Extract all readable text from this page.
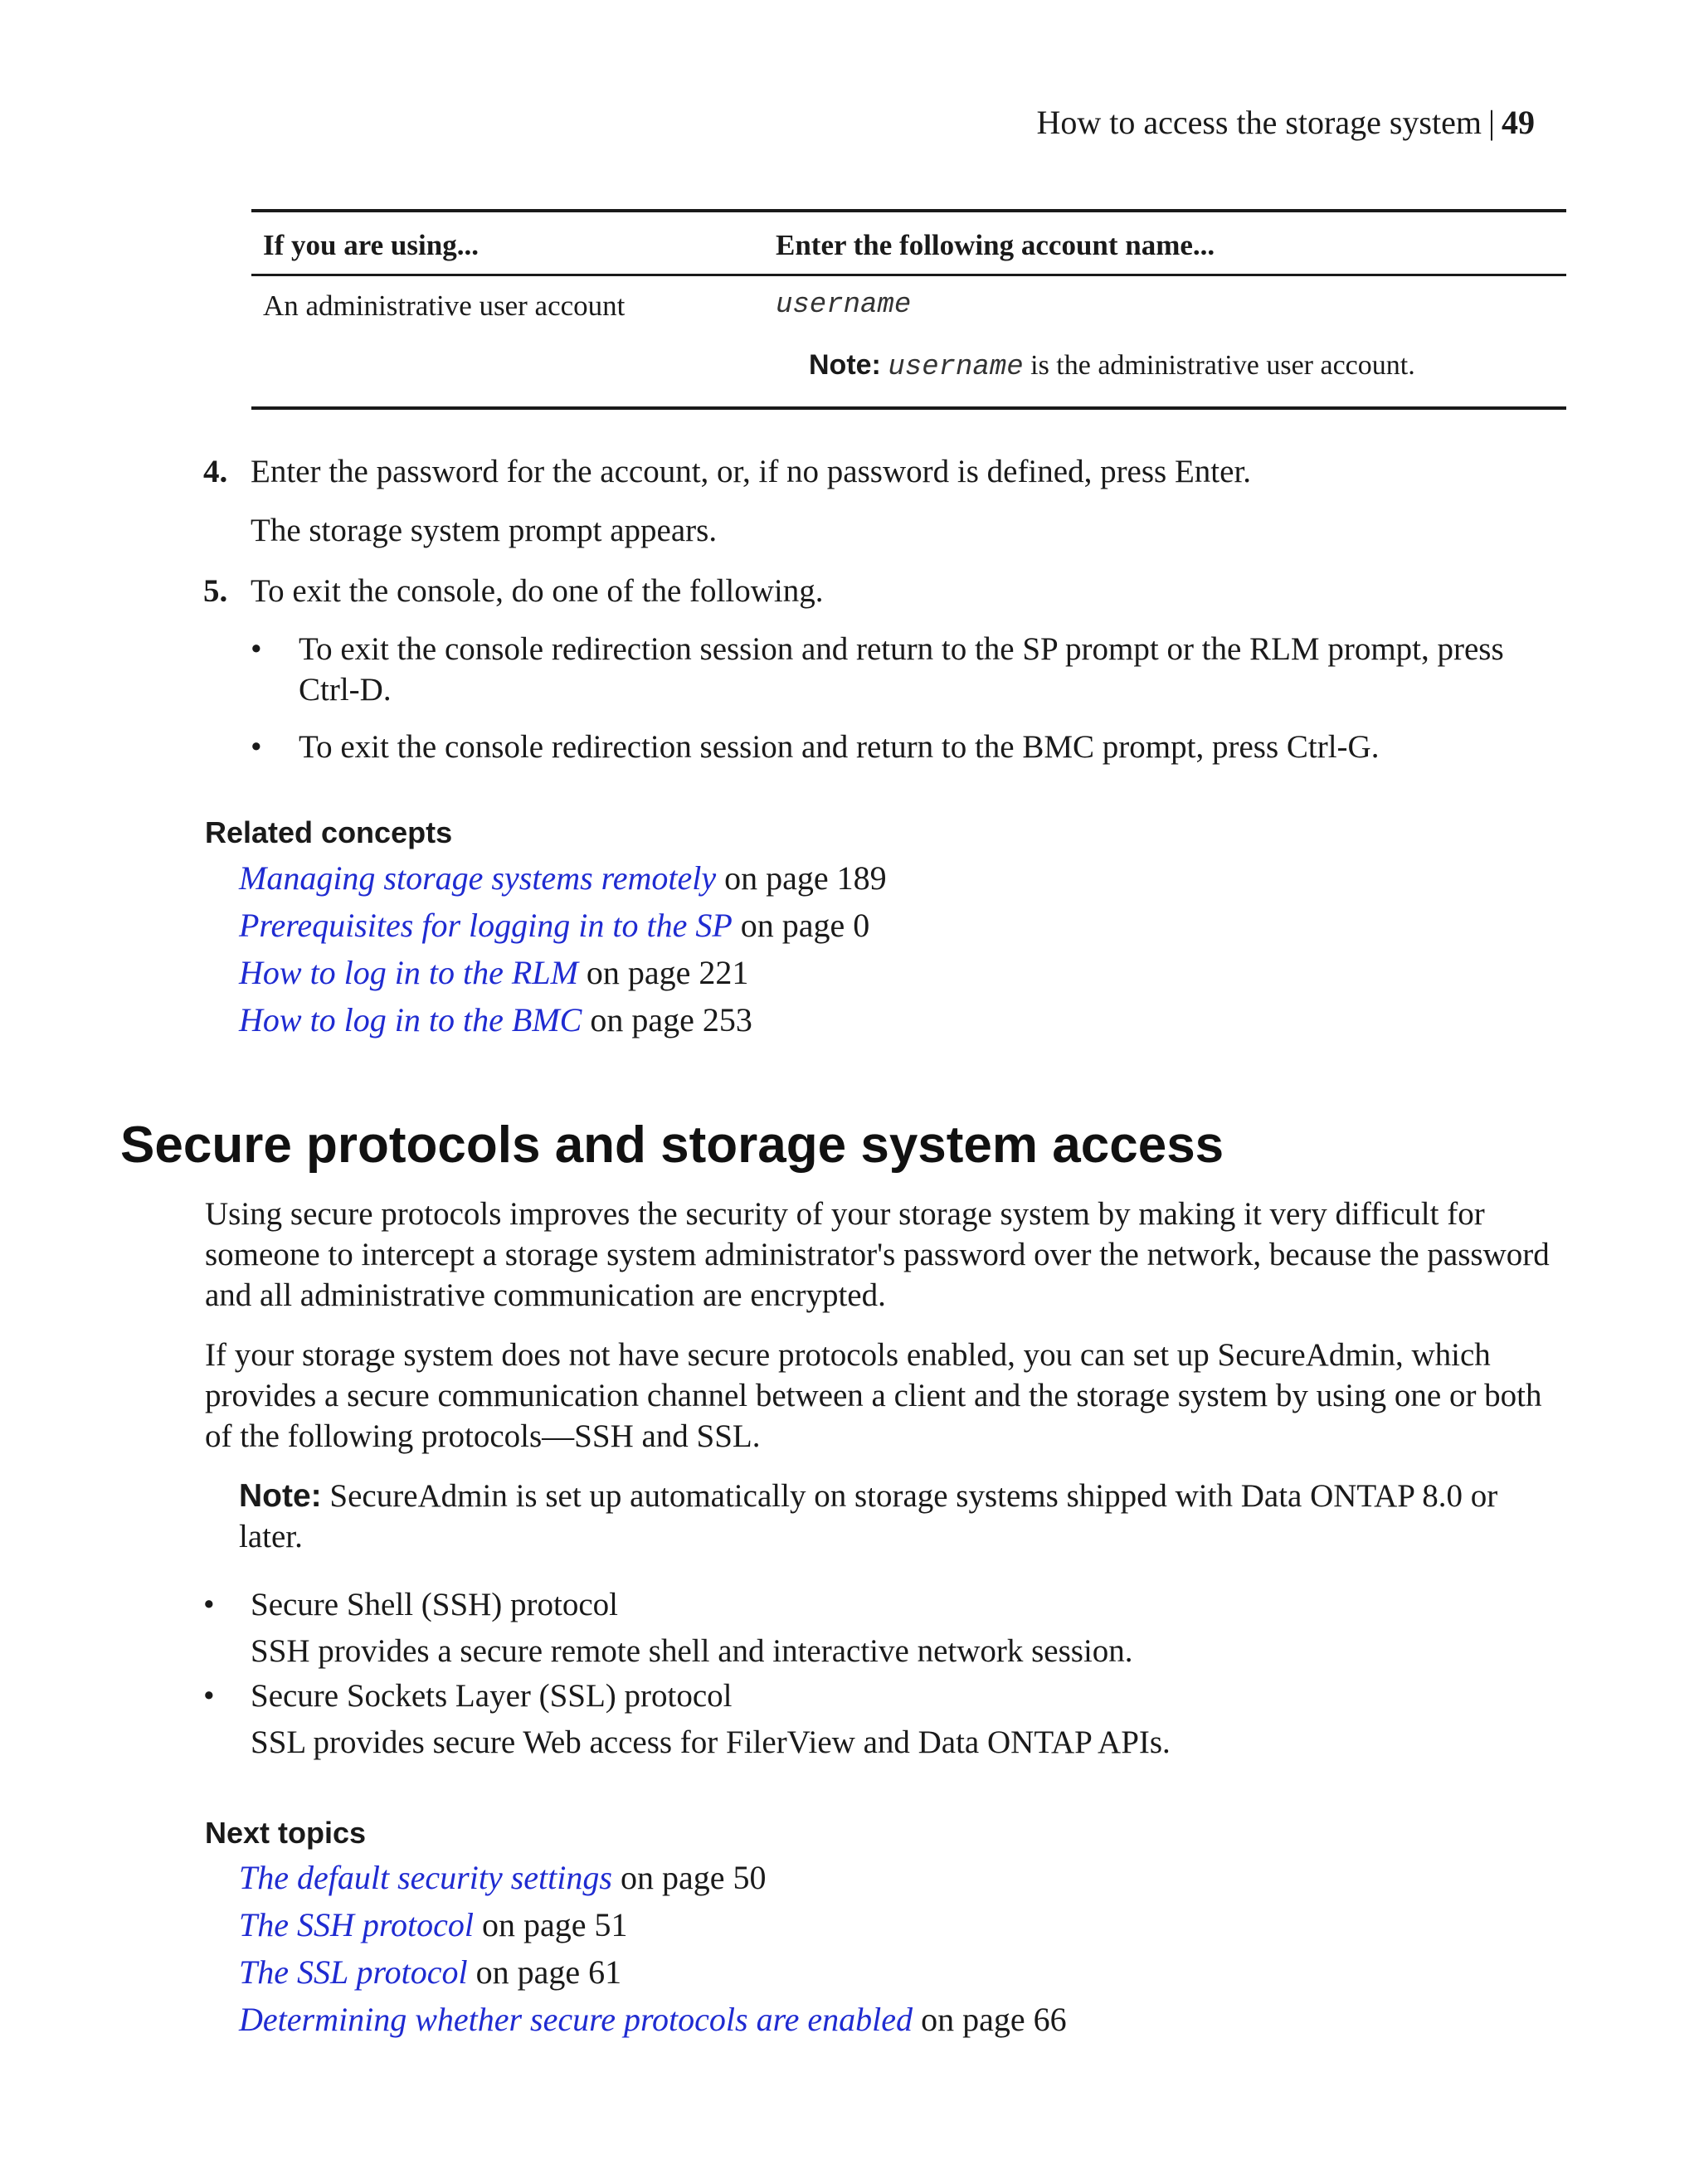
How to access the storage system | 49
If you are using...	Enter the following account name...
An administrative user account	username
Note: username is the administrative user account.
4. Enter the password for the account, or, if no password is defined, press Enter.
The storage system prompt appears.
5. To exit the console, do one of the following.
•	To exit the console redirection session and return to the SP prompt or the RLM prompt, press Ctrl-D.
•	To exit the console redirection session and return to the BMC prompt, press Ctrl-G.
Related concepts
Managing storage systems remotely on page 189
Prerequisites for logging in to the SP on page 0
How to log in to the RLM on page 221
How to log in to the BMC on page 253
Secure protocols and storage system access

Using secure protocols improves the security of your storage system by making it very difficult for someone to intercept a storage system administrator's password over the network, because the password and all administrative communication are encrypted.

If your storage system does not have secure protocols enabled, you can set up SecureAdmin, which provides a secure communication channel between a client and the storage system by using one or both of the following protocols—SSH and SSL.

Note: SecureAdmin is set up automatically on storage systems shipped with Data ONTAP 8.0 or later.

•	Secure Shell (SSH) protocol
SSH provides a secure remote shell and interactive network session.
•	Secure Sockets Layer (SSL) protocol
SSL provides secure Web access for FilerView and Data ONTAP APIs.
Next topics
The default security settings on page 50
The SSH protocol on page 51
The SSL protocol on page 61
Determining whether secure protocols are enabled on page 66
